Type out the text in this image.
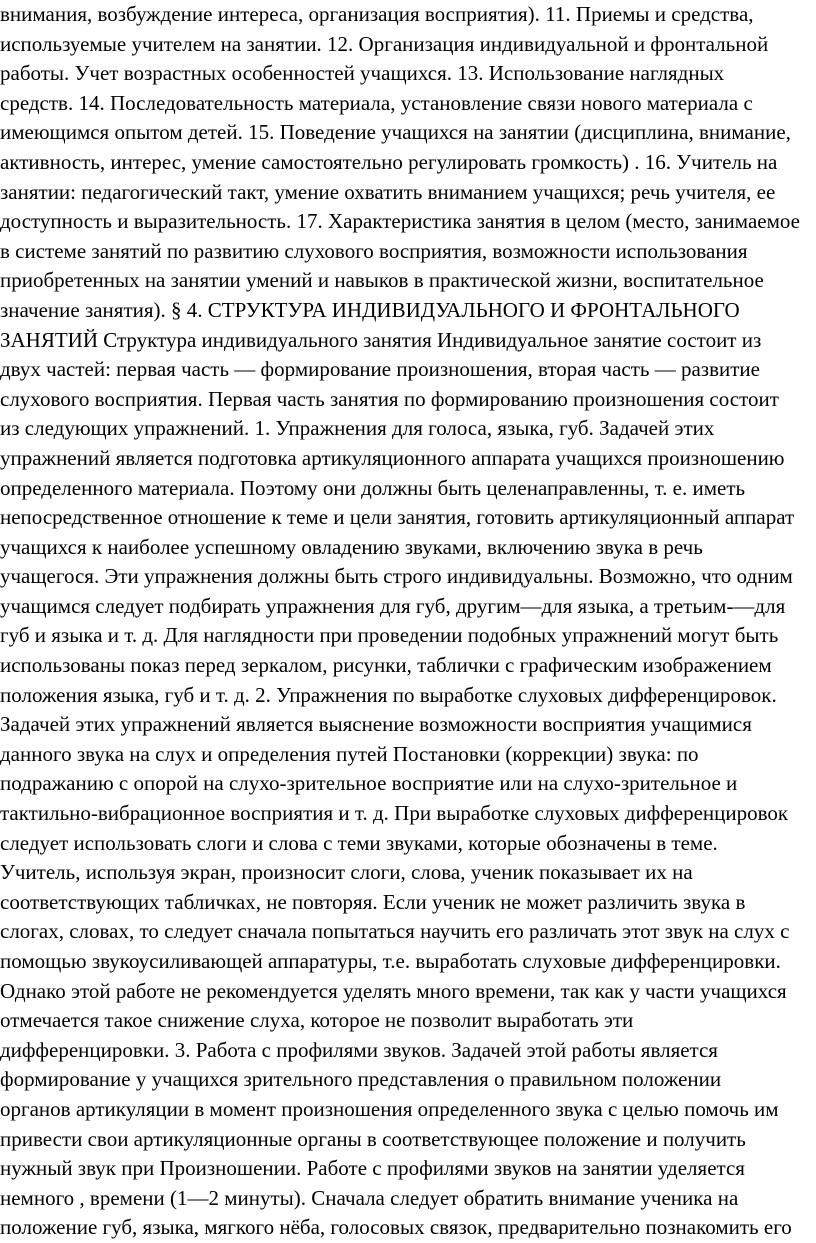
внимания, возбуждение интереса, организация восприятия). 11. Приемы и средства,
используемые учителем на занятии. 12. Организация индивидуальной и фронтальной
работы. Учет возрастных особенностей учащихся. 13. Использование наглядных
средств. 14. Последовательность материала, установление связи нового материала с
имеющимся опытом детей. 15. Поведение учащихся на занятии (дисциплина, внимание,
активность, интерес, умение самостоятельно регулировать громкость) . 16. Учитель на
занятии: педагогический такт, умение охватить вниманием учащихся; речь учителя, ее
доступность и выразительность. 17. Характеристика занятия в целом (место, занимаемое
в системе занятий по развитию слухового восприятия, возможности использования
приобретенных на занятии умений и навыков в практической жизни, воспитательное
значение занятия). § 4. СТРУКТУРА ИНДИВИДУАЛЬНОГО И ФРОНТАЛЬНОГО
ЗАНЯТИЙ Структура индивидуального занятия Индивидуальное занятие состоит из
двух частей: первая часть — формирование произношения, вторая часть — развитие
слухового восприятия. Первая часть занятия по формированию произношения состоит
из следующих упражнений. 1. Упражнения для голоса, языка, губ. Задачей этих
упражнений является подготовка артикуляционного аппарата учащихся произношению
определенного материала. Поэтому они должны быть целенаправленны, т. е. иметь
непосредственное отношение к теме и цели занятия, готовить артикуляционный аппарат
учащихся к наиболее успешному овладению звуками, включению звука в речь
учащегося. Эти упражнения должны быть строго индивидуальны. Возможно, что одним
учащимся следует подбирать упражнения для губ, другим—для языка, а третьим-—для
губ и языка и т. д. Для наглядности при проведении подобных упражнений могут быть
использованы показ перед зеркалом, рисунки, таблички с графическим изображением
положения языка, губ и т. д. 2. Упражнения по выработке слуховых дифференцировок.
Задачей этих упражнений является выяснение возможности восприятия учащимися
данного звука на слух и определения путей Постановки (коррекции) звука: по
подражанию с опорой на слухо-зрительное восприятие или на слухо-зрительное и
тактильно-вибрационное восприятия и т. д. При выработке слуховых дифференцировок
следует использовать слоги и слова с теми звуками, которые обозначены в теме.
Учитель, используя экран, произносит слоги, слова, ученик показывает их на
соответствующих табличках, не повторяя. Если ученик не может различить звука в
слогах, словах, то следует сначала попытаться научить его различать этот звук на слух с
помощью звукоусиливающей аппаратуры, т.е. выработать слуховые дифференцировки.
Однако этой работе не рекомендуется уделять много времени, так как у части учащихся
отмечается такое снижение слуха, которое не позволит выработать эти
дифференцировки. 3. Работа с профилями звуков. Задачей этой работы является
формирование у учащихся зрительного представления о правильном положении
органов артикуляции в момент произношения определенного звука с целью помочь им
привести свои артикуляционные органы в соответствующее положение и получить
нужный звук при Произношении. Работе с профилями звуков на занятии уделяется
немного , времени (1—2 минуты). Сначала следует обратить внимание ученика на
положение губ, языка, мягкого нёба, голосовых связок, предварительно познакомить его
